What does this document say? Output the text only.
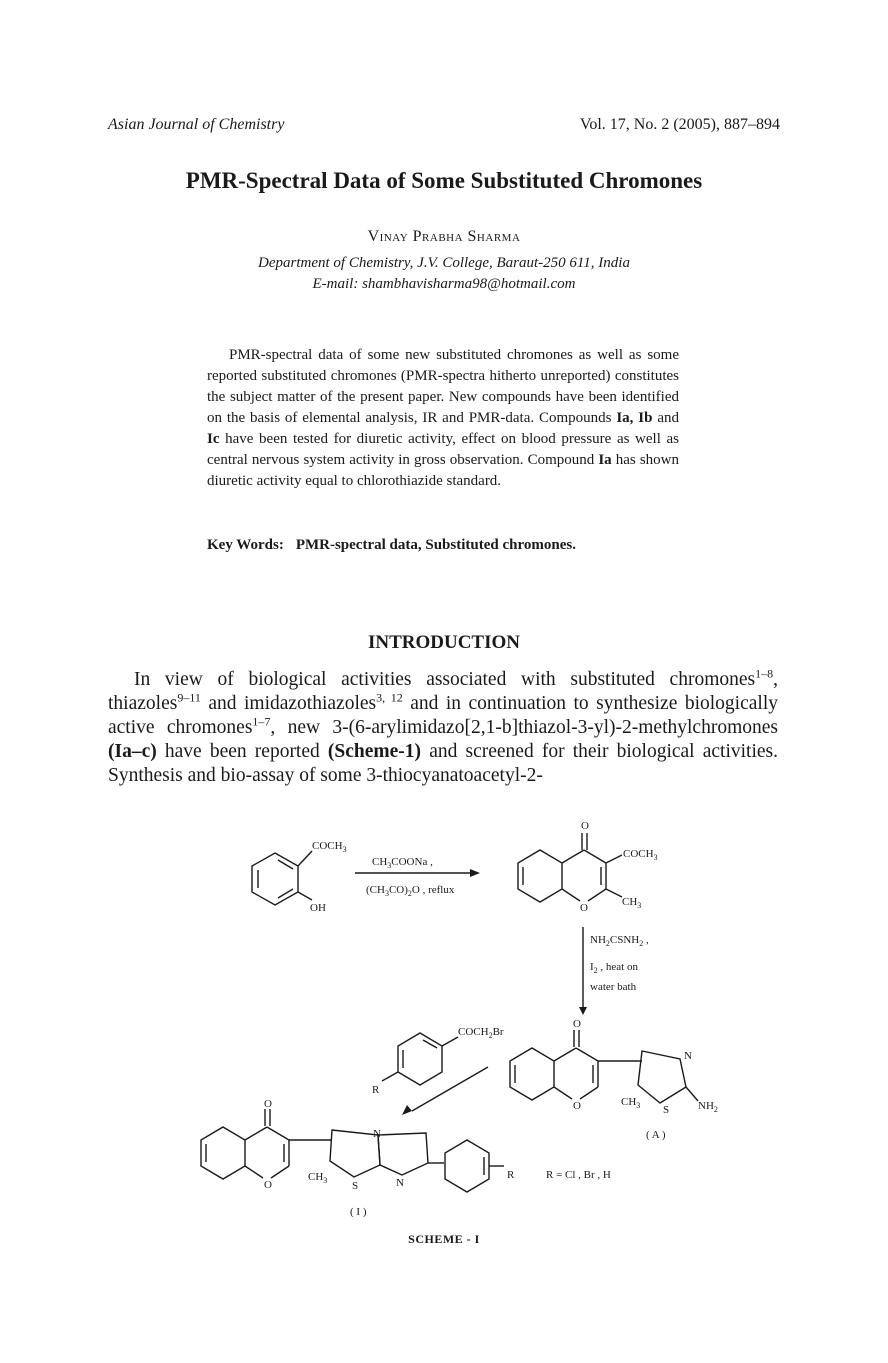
Asian Journal of Chemistry	Vol. 17, No. 2 (2005), 887–894
PMR-Spectral Data of Some Substituted Chromones
Vinay Prabha Sharma
Department of Chemistry, J.V. College, Baraut-250 611, India
E-mail: shambhavisharma98@hotmail.com

PMR-spectral data of some new substituted chromones as well as some reported substituted chromones (PMR-spectra hitherto unreported) constitutes the subject matter of the present paper. New compounds have been identified on the basis of elemental analysis, IR and PMR-data. Compounds Ia, Ib and Ic have been tested for diuretic activity, effect on blood pressure as well as central nervous system activity in gross observation. Compound Ia has shown diuretic activity equal to chlorothiazide standard.

Key Words: PMR-spectral data, Substituted chromones.
INTRODUCTION

In view of biological activities associated with substituted chromones$^{1-8}$, thiazoles$^{9-11}$ and imidazothiazoles$^{3, 12}$ and in continuation to synthesize biologically active chromones$^{1-7}$, new 3-(6-arylimidazo[2,1-b]thiazol-3-yl)-2-methylchromones (Ia–c) have been reported (Scheme-1) and screened for their biological activities. Synthesis and bio-assay of some 3-thiocyanatoacetyl-2-

$COCH_3$
OH
$CH_3COONa$ ,
$(CH_3CO)_2O$ , reflux
O
$COCH_3$
O	$CH_3$
$NH_2CSNH_2$ ,
$I_2$ , heat on
water bath
$COCH_2Br$
R
O
N
O	$CH_3$ S	$NH_2$
( A )
O
N
O
$CH_3$ S	N
R	R = Cl , Br , H
( I )
SCHEME - I
